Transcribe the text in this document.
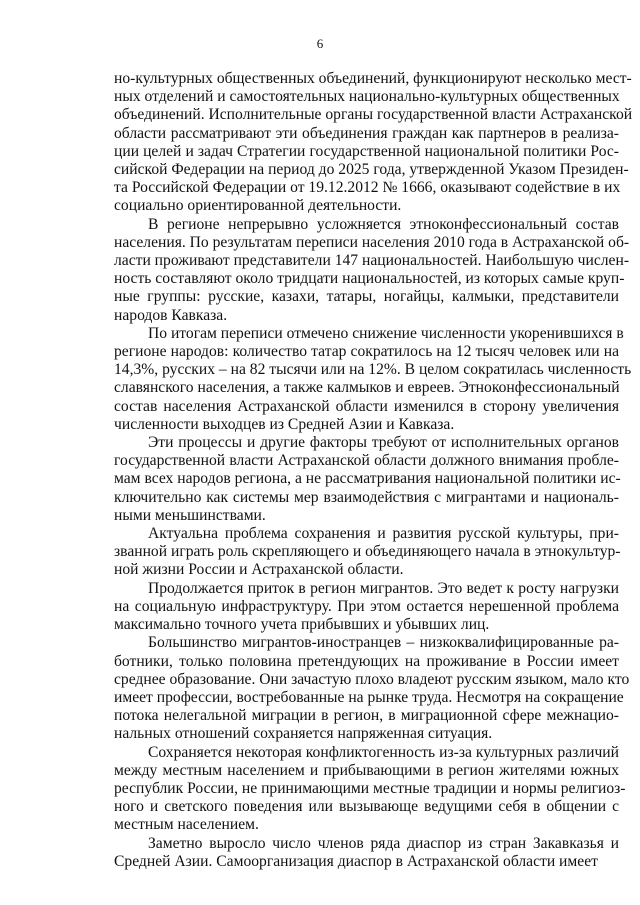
6

но-культурных общественных объединений, функционируют несколько мест-
ных отделений и самостоятельных национально-культурных общественных
объединений. Исполнительные органы государственной власти Астраханской
области рассматривают эти объединения граждан как партнеров в реализа-
ции целей и задач Стратегии государственной национальной политики Рос-
сийской Федерации на период до 2025 года, утвержденной Указом Президен-
та Российской Федерации от 19.12.2012 № 1666, оказывают содействие в их
социально ориентированной деятельности.

В регионе непрерывно усложняется этноконфессиональный состав
населения. По результатам переписи населения 2010 года в Астраханской об-
ласти проживают представители 147 национальностей. Наибольшую числен-
ность составляют около тридцати национальностей, из которых самые круп-
ные группы: русские, казахи, татары, ногайцы, калмыки, представители
народов Кавказа.

По итогам переписи отмечено снижение численности укоренившихся в
регионе народов: количество татар сократилось на 12 тысяч человек или на
14,3%, русских – на 82 тысячи или на 12%. В целом сократилась численность
славянского населения, а также калмыков и евреев. Этноконфессиональный
состав населения Астраханской области изменился в сторону увеличения
численности выходцев из Средней Азии и Кавказа.

Эти процессы и другие факторы требуют от исполнительных органов
государственной власти Астраханской области должного внимания пробле-
мам всех народов региона, а не рассматривания национальной политики ис-
ключительно как системы мер взаимодействия с мигрантами и националь-
ными меньшинствами.

Актуальна проблема сохранения и развития русской культуры, при-
званной играть роль скрепляющего и объединяющего начала в этнокультур-
ной жизни России и Астраханской области.

Продолжается приток в регион мигрантов. Это ведет к росту нагрузки
на социальную инфраструктуру. При этом остается нерешенной проблема
максимально точного учета прибывших и убывших лиц.

Большинство мигрантов-иностранцев – низкоквалифицированные ра-
ботники, только половина претендующих на проживание в России имеет
среднее образование. Они зачастую плохо владеют русским языком, мало кто
имеет профессии, востребованные на рынке труда. Несмотря на сокращение
потока нелегальной миграции в регион, в миграционной сфере межнацио-
нальных отношений сохраняется напряженная ситуация.

Сохраняется некоторая конфликтогенность из-за культурных различий
между местным населением и прибывающими в регион жителями южных
республик России, не принимающими местные традиции и нормы религиоз-
ного и светского поведения или вызывающе ведущими себя в общении с
местным населением.

Заметно выросло число членов ряда диаспор из стран Закавказья и
Средней Азии. Самоорганизация диаспор в Астраханской области имеет
